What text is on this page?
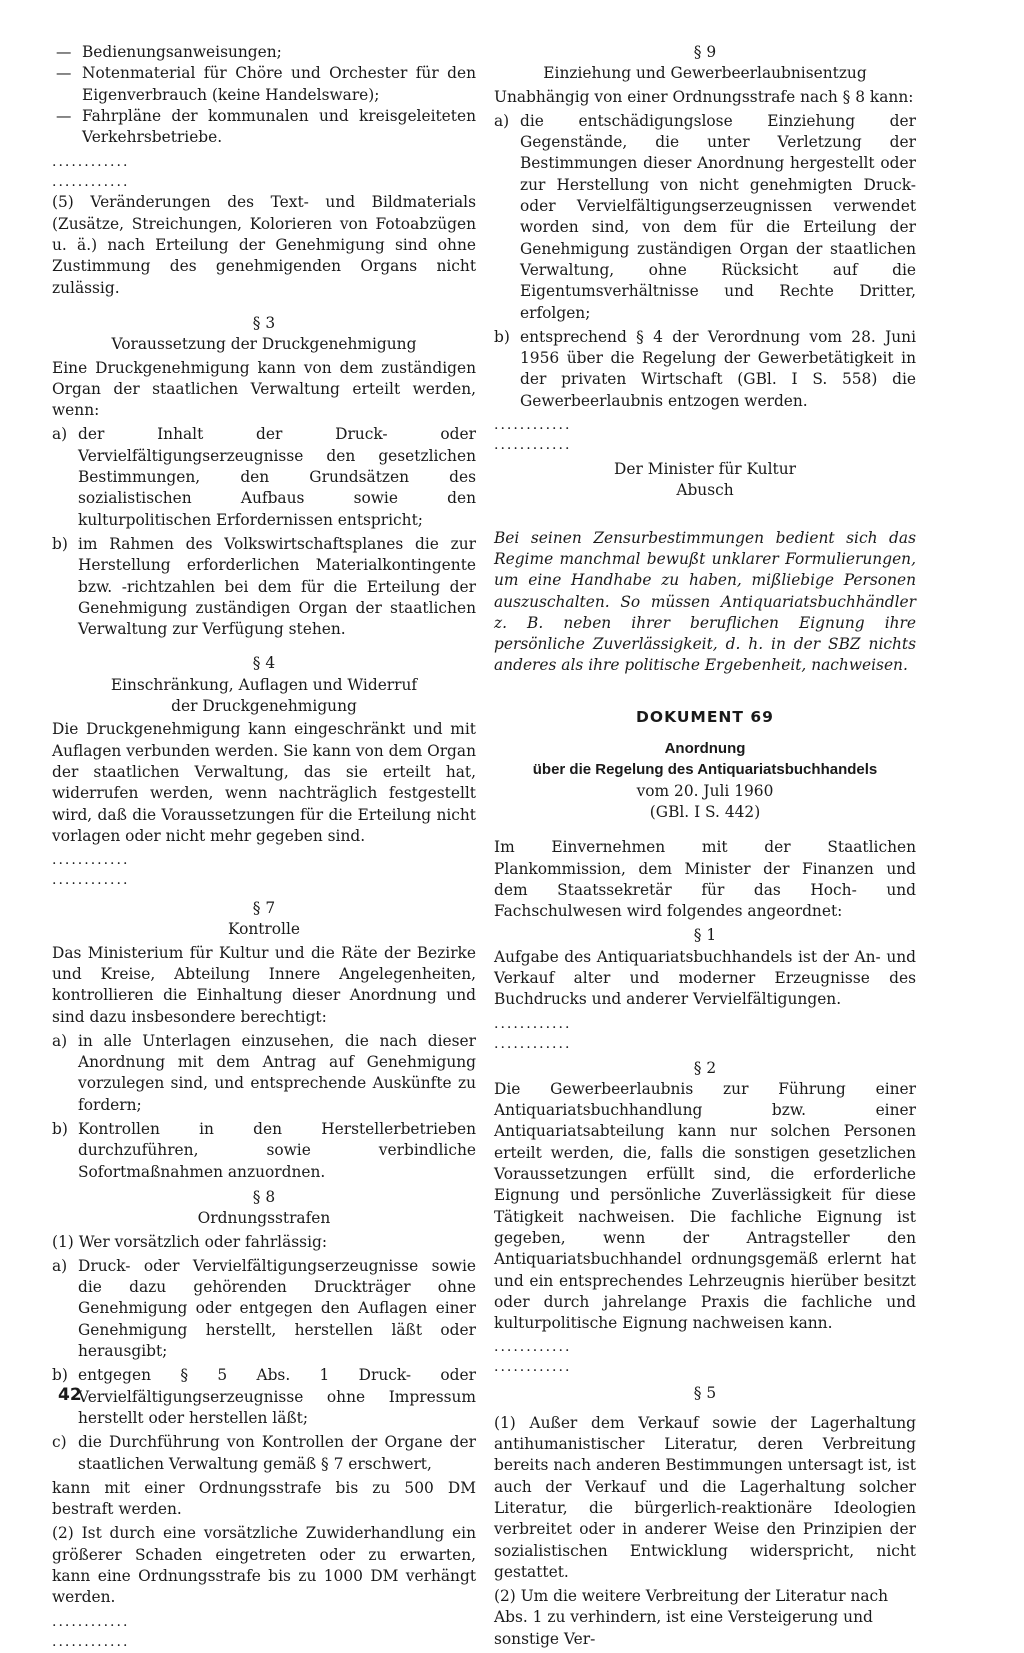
— Bedienungsanweisungen;
— Notenmaterial für Chöre und Orchester für den Eigenverbrauch (keine Handelsware);
— Fahrpläne der kommunalen und kreisgeleiteten Verkehrsbetriebe.
............
............

(5) Veränderungen des Text- und Bildmaterials (Zusätze, Streichungen, Kolorieren von Fotoabzügen u. ä.) nach Erteilung der Genehmigung sind ohne Zustimmung des genehmigenden Organs nicht zulässig.

§ 3
Voraussetzung der Druckgenehmigung

Eine Druckgenehmigung kann von dem zuständigen Organ der staatlichen Verwaltung erteilt werden, wenn:

a) der Inhalt der Druck- oder Vervielfältigungserzeugnisse den gesetzlichen Bestimmungen, den Grundsätzen des sozialistischen Aufbaus sowie den kulturpolitischen Erfordernissen entspricht;
b) im Rahmen des Volkswirtschaftsplanes die zur Herstellung erforderlichen Materialkontingente bzw. -richtzahlen bei dem für die Erteilung der Genehmigung zuständigen Organ der staatlichen Verwaltung zur Verfügung stehen.
§ 4
Einschränkung, Auflagen und Widerruf
der Druckgenehmigung

Die Druckgenehmigung kann eingeschränkt und mit Auflagen verbunden werden. Sie kann von dem Organ der staatlichen Verwaltung, das sie erteilt hat, widerrufen werden, wenn nachträglich festgestellt wird, daß die Voraussetzungen für die Erteilung nicht vorlagen oder nicht mehr gegeben sind.

............
............
§ 7
Kontrolle

Das Ministerium für Kultur und die Räte der Bezirke und Kreise, Abteilung Innere Angelegenheiten, kontrollieren die Einhaltung dieser Anordnung und sind dazu insbesondere berechtigt:

a) in alle Unterlagen einzusehen, die nach dieser Anordnung mit dem Antrag auf Genehmigung vorzulegen sind, und entsprechende Auskünfte zu fordern;
b) Kontrollen in den Herstellerbetrieben durchzuführen, sowie verbindliche Sofortmaßnahmen anzuordnen.
§ 8
Ordnungsstrafen

(1) Wer vorsätzlich oder fahrlässig:

a) Druck- oder Vervielfältigungserzeugnisse sowie die dazu gehörenden Druckträger ohne Genehmigung oder entgegen den Auflagen einer Genehmigung herstellt, herstellen läßt oder herausgibt;
b) entgegen § 5 Abs. 1 Druck- oder Vervielfältigungserzeugnisse ohne Impressum herstellt oder herstellen läßt;
c) die Durchführung von Kontrollen der Organe der staatlichen Verwaltung gemäß § 7 erschwert,

kann mit einer Ordnungsstrafe bis zu 500 DM bestraft werden.

(2) Ist durch eine vorsätzliche Zuwiderhandlung ein größerer Schaden eingetreten oder zu erwarten, kann eine Ordnungsstrafe bis zu 1000 DM verhängt werden.

............
............
§ 9
Einziehung und Gewerbeerlaubnisentzug

Unabhängig von einer Ordnungsstrafe nach § 8 kann:

a) die entschädigungslose Einziehung der Gegenstände, die unter Verletzung der Bestimmungen dieser Anordnung hergestellt oder zur Herstellung von nicht genehmigten Druck- oder Vervielfältigungserzeugnissen verwendet worden sind, von dem für die Erteilung der Genehmigung zuständigen Organ der staatlichen Verwaltung, ohne Rücksicht auf die Eigentumsverhältnisse und Rechte Dritter, erfolgen;
b) entsprechend § 4 der Verordnung vom 28. Juni 1956 über die Regelung der Gewerbetätigkeit in der privaten Wirtschaft (GBl. I S. 558) die Gewerbeerlaubnis entzogen werden.
............
............
Der Minister für Kultur
Abusch

Bei seinen Zensurbestimmungen bedient sich das Regime manchmal bewußt unklarer Formulierungen, um eine Handhabe zu haben, mißliebige Personen auszuschalten. So müssen Antiquariatsbuchhändler z. B. neben ihrer beruflichen Eignung ihre persönliche Zuverlässigkeit, d. h. in der SBZ nichts anderes als ihre politische Ergebenheit, nachweisen.

DOKUMENT 69
Anordnung
über die Regelung des Antiquariatsbuchhandels
vom 20. Juli 1960
(GBl. I S. 442)

Im Einvernehmen mit der Staatlichen Plankommission, dem Minister der Finanzen und dem Staatssekretär für das Hoch- und Fachschulwesen wird folgendes angeordnet:

§ 1

Aufgabe des Antiquariatsbuchhandels ist der An- und Verkauf alter und moderner Erzeugnisse des Buchdrucks und anderer Vervielfältigungen.

............
............
§ 2

Die Gewerbeerlaubnis zur Führung einer Antiquariatsbuchhandlung bzw. einer Antiquariatsabteilung kann nur solchen Personen erteilt werden, die, falls die sonstigen gesetzlichen Voraussetzungen erfüllt sind, die erforderliche Eignung und persönliche Zuverlässigkeit für diese Tätigkeit nachweisen. Die fachliche Eignung ist gegeben, wenn der Antragsteller den Antiquariatsbuchhandel ordnungsgemäß erlernt hat und ein entsprechendes Lehrzeugnis hierüber besitzt oder durch jahrelange Praxis die fachliche und kulturpolitische Eignung nachweisen kann.

............
............
§ 5

(1) Außer dem Verkauf sowie der Lagerhaltung antihumanistischer Literatur, deren Verbreitung bereits nach anderen Bestimmungen untersagt ist, ist auch der Verkauf und die Lagerhaltung solcher Literatur, die bürgerlich-reaktionäre Ideologien verbreitet oder in anderer Weise den Prinzipien der sozialistischen Entwicklung widerspricht, nicht gestattet.

(2) Um die weitere Verbreitung der Literatur nach Abs. 1 zu verhindern, ist eine Versteigerung und sonstige Ver-

42
